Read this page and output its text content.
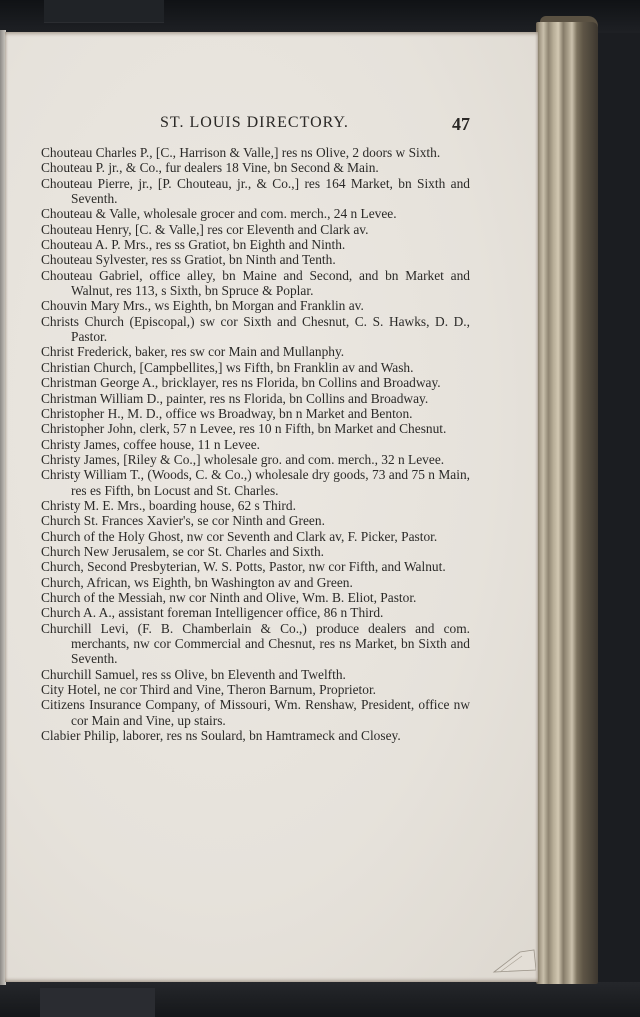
ST. LOUIS DIRECTORY.	47

Chouteau Charles P., [C., Harrison & Valle,] res ns Olive, 2 doors w Sixth.

Chouteau P. jr., & Co., fur dealers 18 Vine, bn Second & Main.

Chouteau Pierre, jr., [P. Chouteau, jr., & Co.,] res 164 Market, bn Sixth and Seventh.

Chouteau & Valle, wholesale grocer and com. merch., 24 n Levee.

Chouteau Henry, [C. & Valle,] res cor Eleventh and Clark av.

Chouteau A. P. Mrs., res ss Gratiot, bn Eighth and Ninth.

Chouteau Sylvester, res ss Gratiot, bn Ninth and Tenth.

Chouteau Gabriel, office alley, bn Maine and Second, and bn Market and Walnut, res 113, s Sixth, bn Spruce & Poplar.

Chouvin Mary Mrs., ws Eighth, bn Morgan and Franklin av.

Christs Church (Episcopal,) sw cor Sixth and Chesnut, C. S. Hawks, D. D., Pastor.

Christ Frederick, baker, res sw cor Main and Mullanphy.

Christian Church, [Campbellites,] ws Fifth, bn Franklin av and Wash.

Christman George A., bricklayer, res ns Florida, bn Collins and Broadway.

Christman William D., painter, res ns Florida, bn Collins and Broadway.

Christopher H., M. D., office ws Broadway, bn n Market and Benton.

Christopher John, clerk, 57 n Levee, res 10 n Fifth, bn Market and Chesnut.

Christy James, coffee house, 11 n Levee.

Christy James, [Riley & Co.,] wholesale gro. and com. merch., 32 n Levee.

Christy William T., (Woods, C. & Co.,) wholesale dry goods, 73 and 75 n Main, res es Fifth, bn Locust and St. Charles.

Christy M. E. Mrs., boarding house, 62 s Third.

Church St. Frances Xavier's, se cor Ninth and Green.

Church of the Holy Ghost, nw cor Seventh and Clark av, F. Picker, Pastor.

Church New Jerusalem, se cor St. Charles and Sixth.

Church, Second Presbyterian, W. S. Potts, Pastor, nw cor Fifth, and Walnut.

Church, African, ws Eighth, bn Washington av and Green.

Church of the Messiah, nw cor Ninth and Olive, Wm. B. Eliot, Pastor.

Church A. A., assistant foreman Intelligencer office, 86 n Third.

Churchill Levi, (F. B. Chamberlain & Co.,) produce dealers and com. merchants, nw cor Commercial and Chesnut, res ns Market, bn Sixth and Seventh.

Churchill Samuel, res ss Olive, bn Eleventh and Twelfth.

City Hotel, ne cor Third and Vine, Theron Barnum, Proprietor.

Citizens Insurance Company, of Missouri, Wm. Renshaw, President, office nw cor Main and Vine, up stairs.

Clabier Philip, laborer, res ns Soulard, bn Hamtrameck and Closey.
